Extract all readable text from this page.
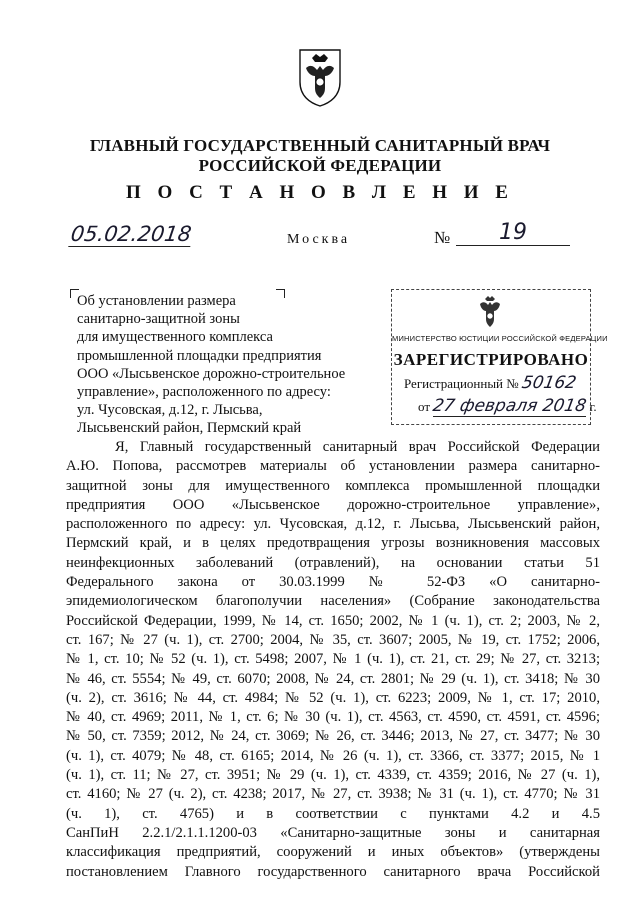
ГЛАВНЫЙ ГОСУДАРСТВЕННЫЙ САНИТАРНЫЙ ВРАЧ
РОССИЙСКОЙ ФЕДЕРАЦИИ
П О С Т А Н О В Л Е Н И Е
05.02.2018	Москва	№	19
Об установлении размера
санитарно-защитной зоны
для имущественного комплекса
промышленной площадки предприятия
ООО «Лысьвенское дорожно-строительное
управление», расположенного по адресу:
ул. Чусовская, д.12, г. Лысьва,
Лысьвенский район, Пермский край
МИНИСТЕРСТВО ЮСТИЦИИ РОССИЙСКОЙ ФЕДЕРАЦИИ
ЗАРЕГИСТРИРОВАНО
Регистрационный № 50162
от 27 февраля 2018 г.
Я, Главный государственный санитарный врач Российской Федерации
А.Ю. Попова, рассмотрев материалы об установлении размера санитарно-
защитной зоны для имущественного комплекса промышленной площадки
предприятия ООО «Лысьвенское дорожно-строительное управление»,
расположенного по адресу: ул. Чусовская, д.12, г. Лысьва, Лысьвенский район,
Пермский край, и в целях предотвращения угрозы возникновения массовых
неинфекционных заболеваний (отравлений), на основании статьи 51
Федерального закона от 30.03.1999 № 52-ФЗ «О санитарно-
эпидемиологическом благополучии населения» (Собрание законодательства
Российской Федерации, 1999, № 14, ст. 1650; 2002, № 1 (ч. 1), ст. 2; 2003, № 2,
ст. 167; № 27 (ч. 1), ст. 2700; 2004, № 35, ст. 3607; 2005, № 19, ст. 1752; 2006,
№ 1, ст. 10; № 52 (ч. 1), ст. 5498; 2007, № 1 (ч. 1), ст. 21, ст. 29; № 27, ст. 3213;
№ 46, ст. 5554; № 49, ст. 6070; 2008, № 24, ст. 2801; № 29 (ч. 1), ст. 3418; № 30
(ч. 2), ст. 3616; № 44, ст. 4984; № 52 (ч. 1), ст. 6223; 2009, № 1, ст. 17; 2010,
№ 40, ст. 4969; 2011, № 1, ст. 6; № 30 (ч. 1), ст. 4563, ст. 4590, ст. 4591, ст. 4596;
№ 50, ст. 7359; 2012, № 24, ст. 3069; № 26, ст. 3446; 2013, № 27, ст. 3477; № 30
(ч. 1), ст. 4079; № 48, ст. 6165; 2014, № 26 (ч. 1), ст. 3366, ст. 3377; 2015, № 1
(ч. 1), ст. 11; № 27, ст. 3951; № 29 (ч. 1), ст. 4339, ст. 4359; 2016, № 27 (ч. 1),
ст. 4160; № 27 (ч. 2), ст. 4238; 2017, № 27, ст. 3938; № 31 (ч. 1), ст. 4770; № 31
(ч. 1), ст. 4765) и в соответствии с пунктами 4.2 и 4.5
СанПиН 2.2.1/2.1.1.1200-03 «Санитарно-защитные зоны и санитарная
классификация предприятий, сооружений и иных объектов» (утверждены
постановлением Главного государственного санитарного врача Российской
